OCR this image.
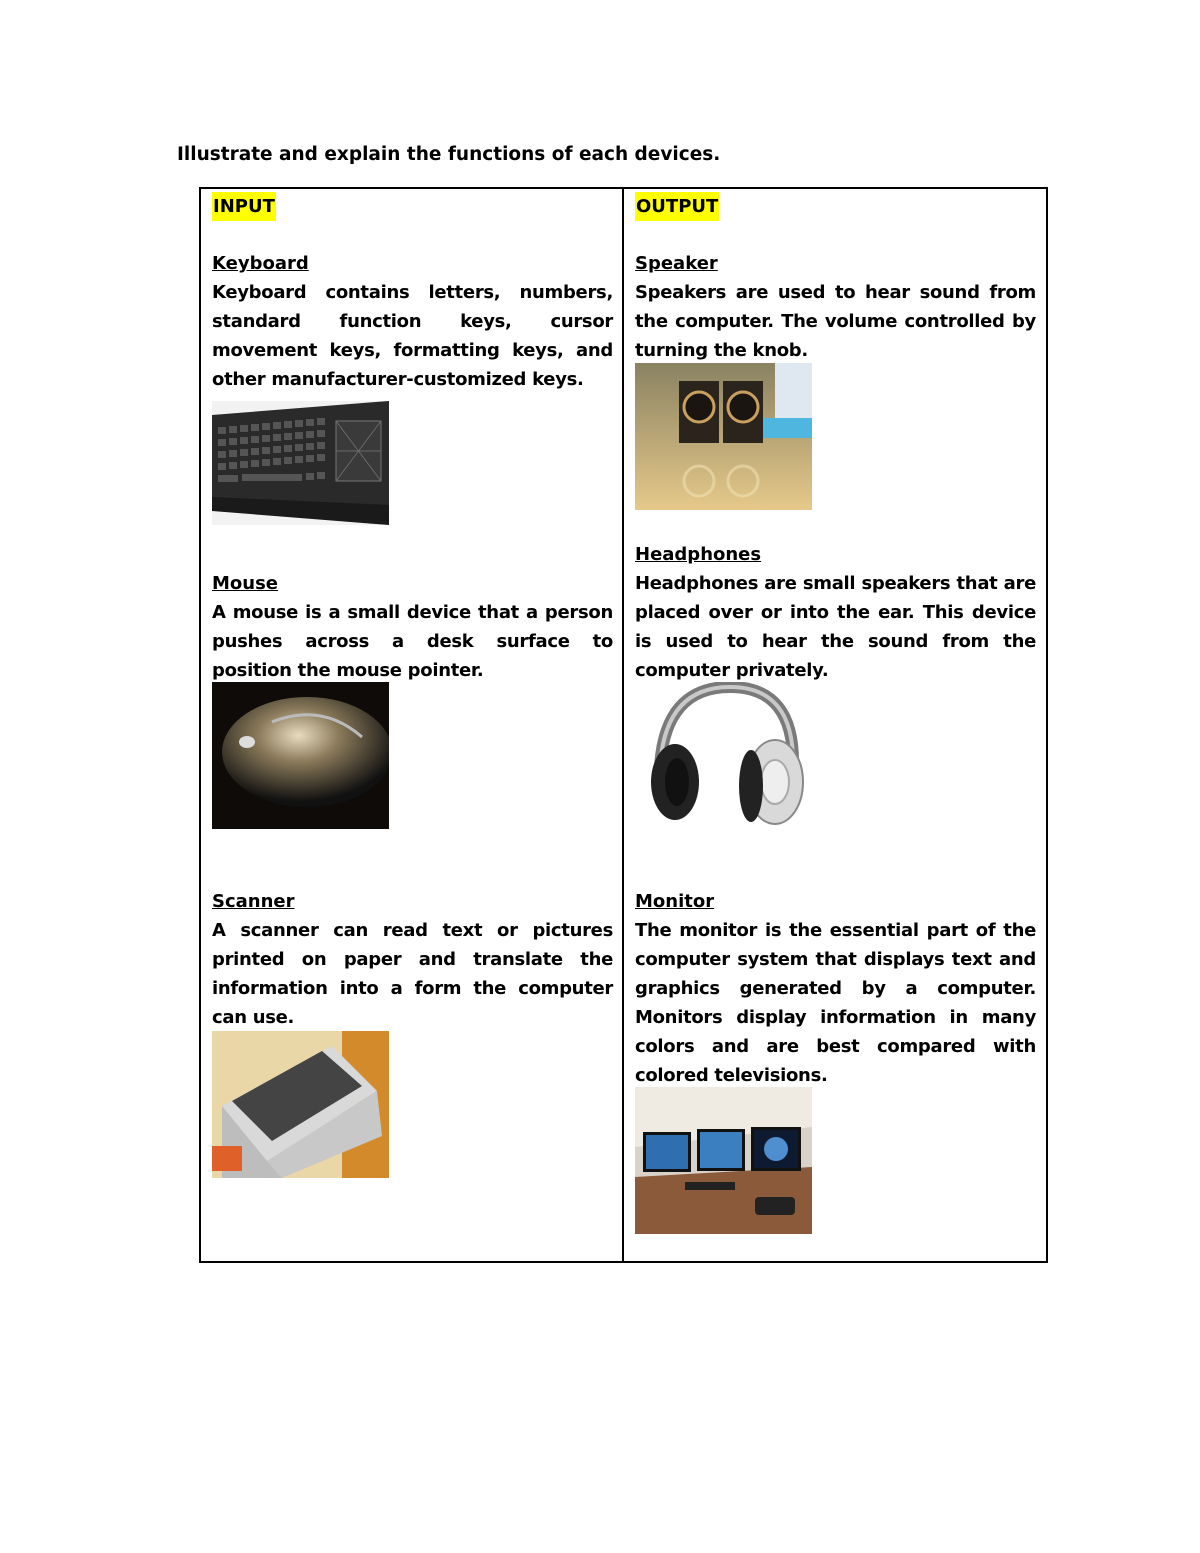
Illustrate and explain the functions of each devices.
INPUT

Keyboard

Keyboard contains letters, numbers, standard function keys, cursor movement keys, formatting keys, and other manufacturer-customized keys.

Mouse

A mouse is a small device that a person pushes across a desk surface to position the mouse pointer.

Scanner

A scanner can read text or pictures printed on paper and translate the information into a form the computer can use.

OUTPUT

Speaker

Speakers are used to hear sound from the computer. The volume controlled by turning the knob.

Headphones

Headphones are small speakers that are placed over or into the ear. This device is used to hear the sound from the computer privately.

Monitor

The monitor is the essential part of the computer system that displays text and graphics generated by a computer. Monitors display information in many colors and are best compared with colored televisions.
